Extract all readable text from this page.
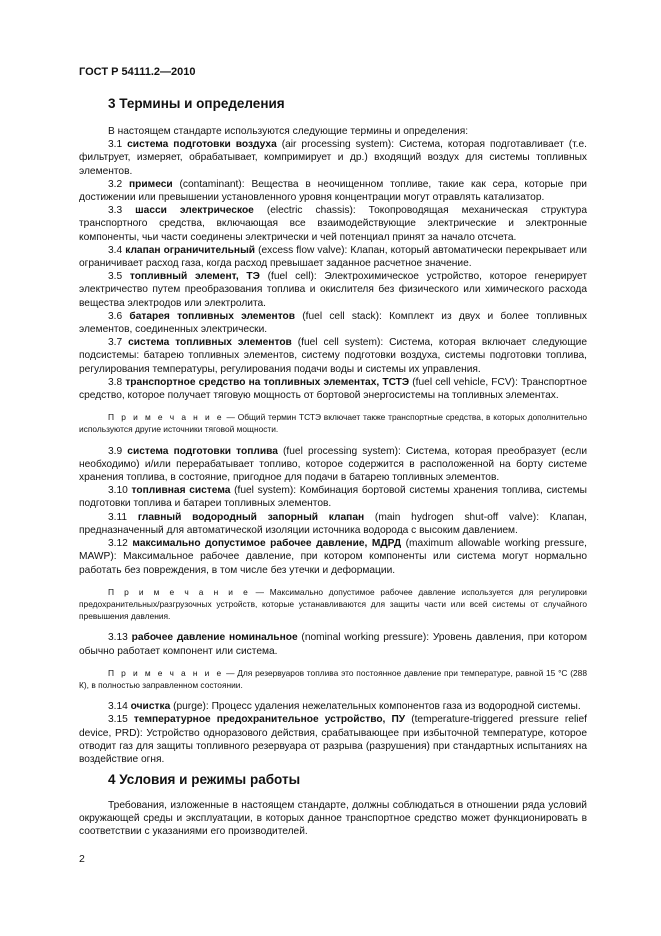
ГОСТ Р 54111.2—2010
3 Термины и определения

В настоящем стандарте используются следующие термины и определения:

3.1 система подготовки воздуха (air processing system): Система, которая подготавливает (т.е. фильтрует, измеряет, обрабатывает, компримирует и др.) входящий воздух для системы топливных элементов.

3.2 примеси (contaminant): Вещества в неочищенном топливе, такие как сера, которые при достижении или превышении установленного уровня концентрации могут отравлять катализатор.

3.3 шасси электрическое (electric chassis): Токопроводящая механическая структура транспортного средства, включающая все взаимодействующие электрические и электронные компоненты, чьи части соединены электрически и чей потенциал принят за начало отсчета.

3.4 клапан ограничительный (excess flow valve): Клапан, который автоматически перекрывает или ограничивает расход газа, когда расход превышает заданное расчетное значение.

3.5 топливный элемент, ТЭ (fuel cell): Электрохимическое устройство, которое генерирует электричество путем преобразования топлива и окислителя без физического или химического расхода вещества электродов или электролита.

3.6 батарея топливных элементов (fuel cell stack): Комплект из двух и более топливных элементов, соединенных электрически.

3.7 система топливных элементов (fuel cell system): Система, которая включает следующие подсистемы: батарею топливных элементов, систему подготовки воздуха, системы подготовки топлива, регулирования температуры, регулирования подачи воды и системы их управления.

3.8 транспортное средство на топливных элементах, ТСТЭ (fuel cell vehicle, FCV): Транспортное средство, которое получает тяговую мощность от бортовой энергосистемы на топливных элементах.

П р и м е ч а н и е — Общий термин ТСТЭ включает также транспортные средства, в которых дополнительно используются другие источники тяговой мощности.

3.9 система подготовки топлива (fuel processing system): Система, которая преобразует (если необходимо) и/или перерабатывает топливо, которое содержится в расположенной на борту системе хранения топлива, в состояние, пригодное для подачи в батарею топливных элементов.

3.10 топливная система (fuel system): Комбинация бортовой системы хранения топлива, системы подготовки топлива и батареи топливных элементов.

3.11 главный водородный запорный клапан (main hydrogen shut-off valve): Клапан, предназначенный для автоматической изоляции источника водорода с высоким давлением.

3.12 максимально допустимое рабочее давление, МДРД (maximum allowable working pressure, MAWP): Максимальное рабочее давление, при котором компоненты или система могут нормально работать без повреждения, в том числе без утечки и деформации.

П р и м е ч а н и е — Максимально допустимое рабочее давление используется для регулировки предохранительных/разгрузочных устройств, которые устанавливаются для защиты части или всей системы от случайного превышения давления.

3.13 рабочее давление номинальное (nominal working pressure): Уровень давления, при котором обычно работает компонент или система.

П р и м е ч а н и е — Для резервуаров топлива это постоянное давление при температуре, равной 15 °С (288 К), в полностью заправленном состоянии.

3.14 очистка (purge): Процесс удаления нежелательных компонентов газа из водородной системы.

3.15 температурное предохранительное устройство, ПУ (temperature-triggered pressure relief device, PRD): Устройство одноразового действия, срабатывающее при избыточной температуре, которое отводит газ для защиты топливного резервуара от разрыва (разрушения) при стандартных испытаниях на воздействие огня.

4 Условия и режимы работы

Требования, изложенные в настоящем стандарте, должны соблюдаться в отношении ряда условий окружающей среды и эксплуатации, в которых данное транспортное средство может функционировать в соответствии с указаниями его производителей.

2
